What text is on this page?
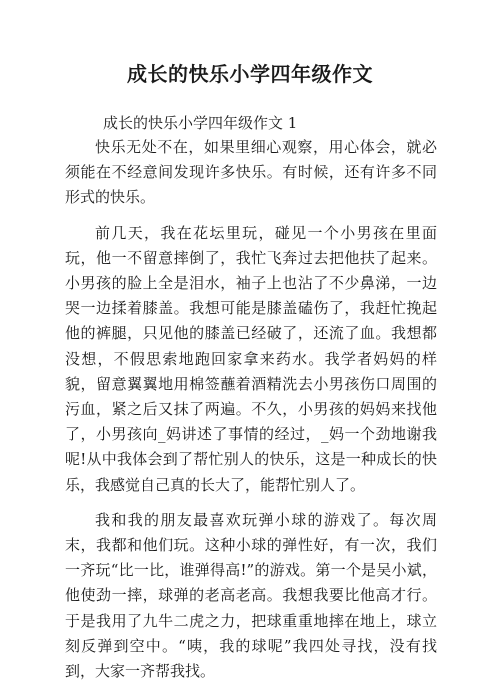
成长的快乐小学四年级作文

成长的快乐小学四年级作文 1

快乐无处不在，如果里细心观察，用心体会，就必须能在不经意间发现许多快乐。有时候，还有许多不同形式的快乐。

前几天，我在花坛里玩，碰见一个小男孩在里面玩，他一不留意摔倒了，我忙飞奔过去把他扶了起来。小男孩的脸上全是泪水，袖子上也沾了不少鼻涕，一边哭一边揉着膝盖。我想可能是膝盖磕伤了，我赶忙挽起他的裤腿，只见他的膝盖已经破了，还流了血。我想都没想，不假思索地跑回家拿来药水。我学者妈妈的样貌，留意翼翼地用棉签蘸着酒精洗去小男孩伤口周围的污血，紧之后又抹了两遍。不久，小男孩的妈妈来找他了，小男孩向_妈讲述了事情的经过，_妈一个劲地谢我呢!从中我体会到了帮忙别人的快乐，这是一种成长的快乐，我感觉自己真的长大了，能帮忙别人了。

我和我的朋友最喜欢玩弹小球的游戏了。每次周末，我都和他们玩。这种小球的弹性好，有一次，我们一齐玩“比一比，谁弹得高!”的游戏。第一个是吴小斌，他使劲一摔，球弹的老高老高。我想我要比他高才行。于是我用了九牛二虎之力，把球重重地摔在地上，球立刻反弹到空中。“咦，我的球呢”我四处寻找，没有找到，大家一齐帮我找。
